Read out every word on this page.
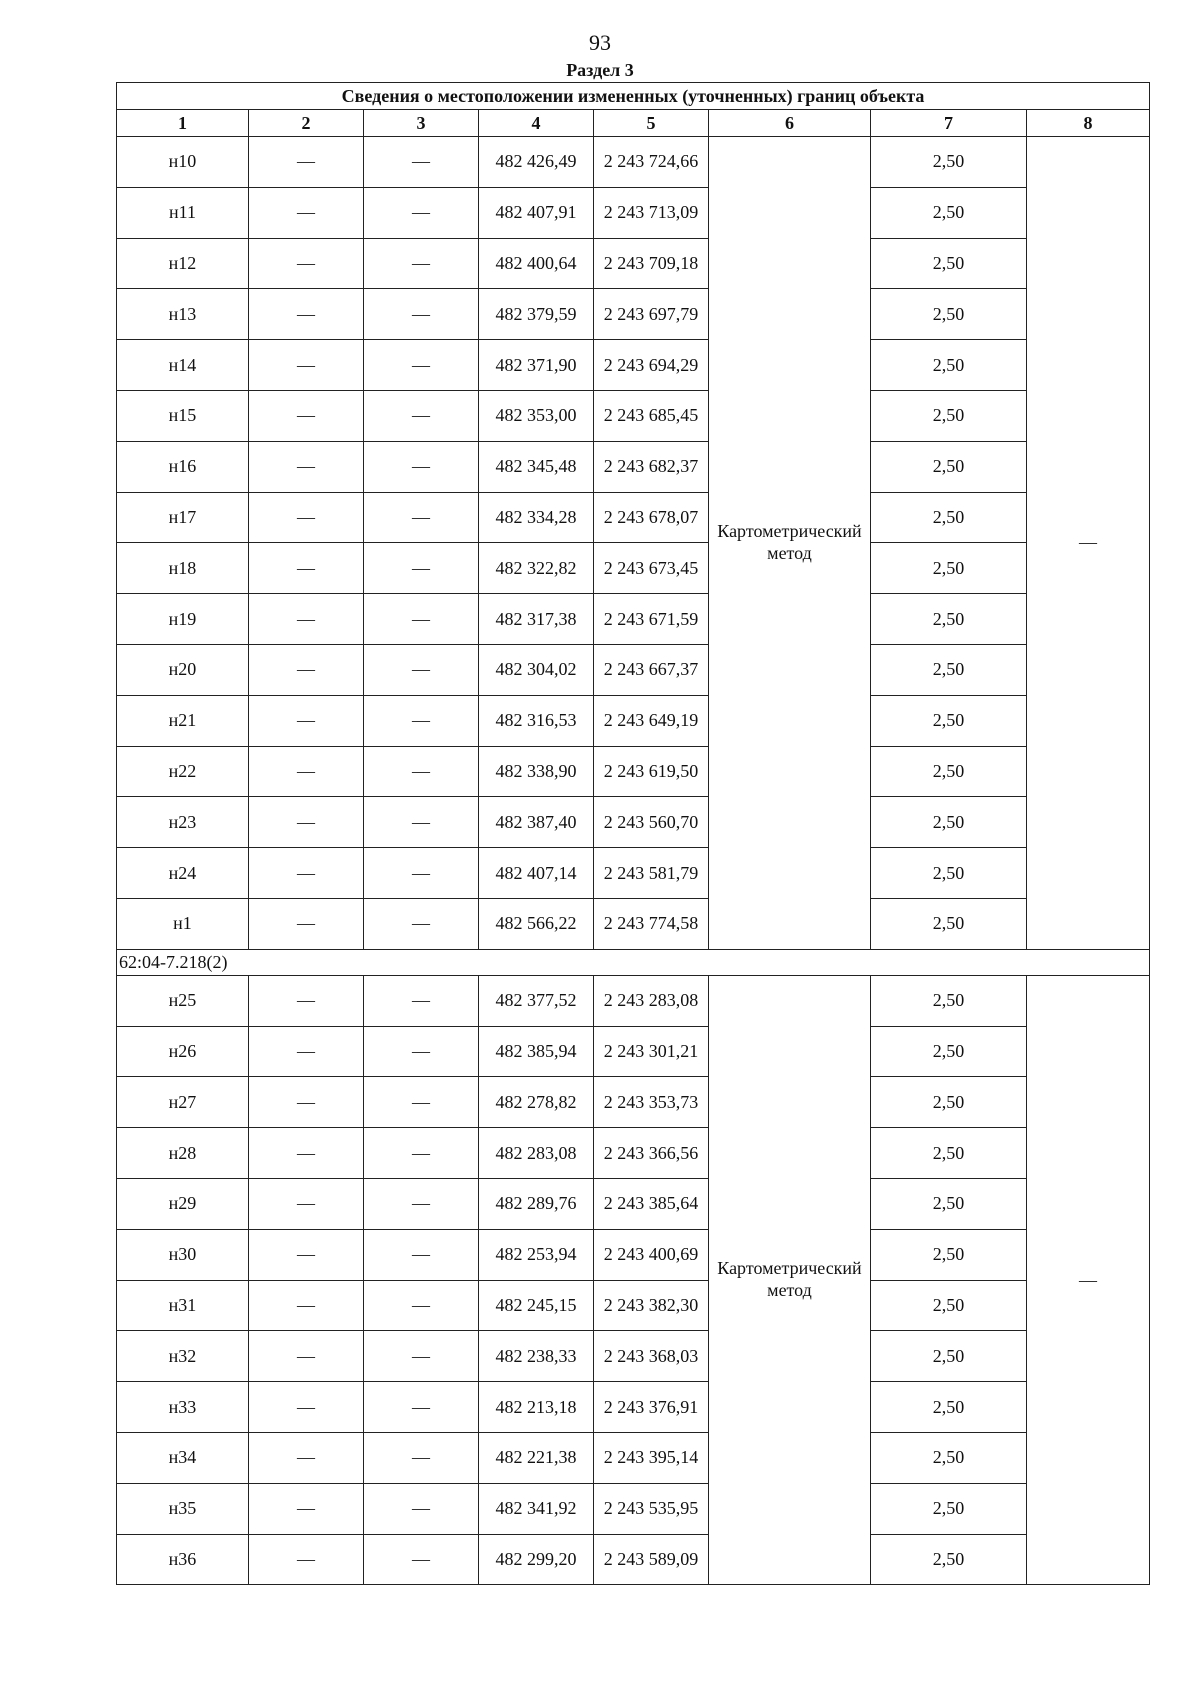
93
Раздел 3
Сведения о местоположении измененных (уточненных) границ объекта							
1	2	3	4	5	6	7	8
н10	—	—	482 426,49	2 243 724,66	Картометрический метод	2,50	—
н11	—	—	482 407,91	2 243 713,09		2,50	
н12	—	—	482 400,64	2 243 709,18		2,50	
н13	—	—	482 379,59	2 243 697,79		2,50	
н14	—	—	482 371,90	2 243 694,29		2,50	
н15	—	—	482 353,00	2 243 685,45		2,50	
н16	—	—	482 345,48	2 243 682,37		2,50	
н17	—	—	482 334,28	2 243 678,07		2,50	
н18	—	—	482 322,82	2 243 673,45		2,50	
н19	—	—	482 317,38	2 243 671,59		2,50	
н20	—	—	482 304,02	2 243 667,37		2,50	
н21	—	—	482 316,53	2 243 649,19		2,50	
н22	—	—	482 338,90	2 243 619,50		2,50	
н23	—	—	482 387,40	2 243 560,70		2,50	
н24	—	—	482 407,14	2 243 581,79		2,50	
н1	—	—	482 566,22	2 243 774,58		2,50	
62:04-7.218(2)							
н25	—	—	482 377,52	2 243 283,08	Картометрический метод	2,50	—
н26	—	—	482 385,94	2 243 301,21		2,50	
н27	—	—	482 278,82	2 243 353,73		2,50	
н28	—	—	482 283,08	2 243 366,56		2,50	
н29	—	—	482 289,76	2 243 385,64		2,50	
н30	—	—	482 253,94	2 243 400,69		2,50	
н31	—	—	482 245,15	2 243 382,30		2,50	
н32	—	—	482 238,33	2 243 368,03		2,50	
н33	—	—	482 213,18	2 243 376,91		2,50	
н34	—	—	482 221,38	2 243 395,14		2,50	
н35	—	—	482 341,92	2 243 535,95		2,50	
н36	—	—	482 299,20	2 243 589,09		2,50	
